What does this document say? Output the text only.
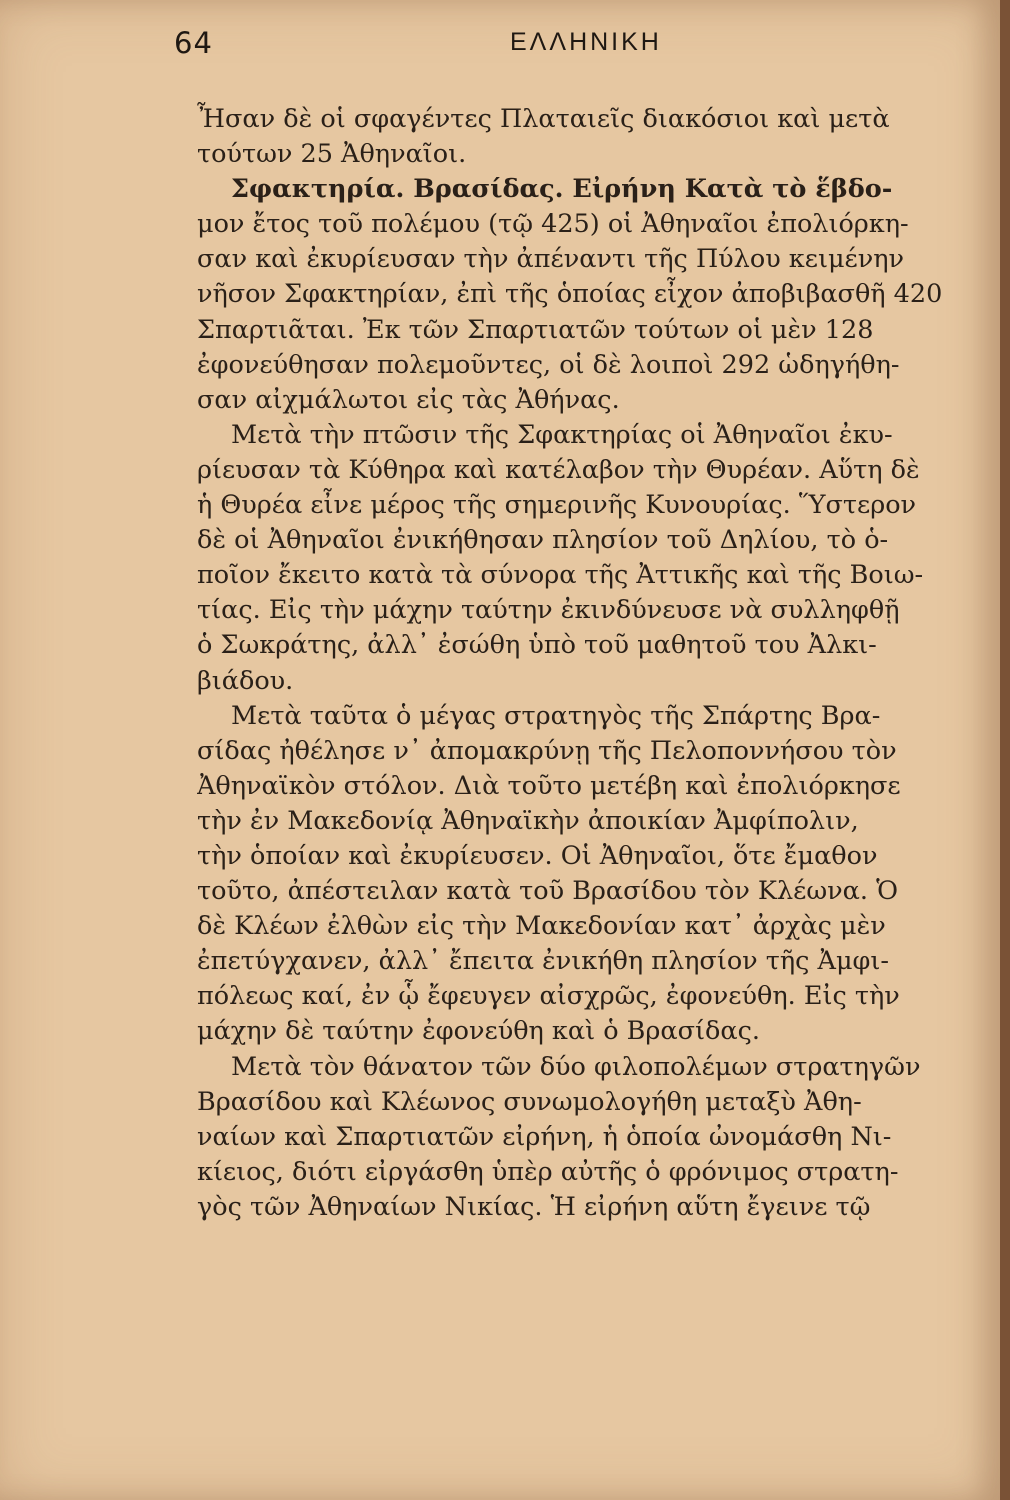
64	ΕΛΛΗΝΙΚΗ
Ἦσαν δὲ οἱ σφαγέντες Πλαταιεῖς διακόσιοι καὶ μετὰ
τούτων 25 Ἀθηναῖοι.
Σφακτηρία. Βρασίδας. Εἰρήνη Κατὰ τὸ ἕβδο-
μον ἔτος τοῦ πολέμου (τῷ 425) οἱ Ἀθηναῖοι ἐπολιόρκη-
σαν καὶ ἐκυρίευσαν τὴν ἀπέναντι τῆς Πύλου κειμένην
νῆσον Σφακτηρίαν, ἐπὶ τῆς ὁποίας εἶχον ἀποβιβασθῆ 420
Σπαρτιᾶται. Ἐκ τῶν Σπαρτιατῶν τούτων οἱ μὲν 128
ἐφονεύθησαν πολεμοῦντες, οἱ δὲ λοιποὶ 292 ὡδηγήθη-
σαν αἰχμάλωτοι εἰς τὰς Ἀθήνας.
Μετὰ τὴν πτῶσιν τῆς Σφακτηρίας οἱ Ἀθηναῖοι ἐκυ-
ρίευσαν τὰ Κύθηρα καὶ κατέλαβον τὴν Θυρέαν. Αὕτη δὲ
ἡ Θυρέα εἶνε μέρος τῆς σημερινῆς Κυνουρίας. Ὕστερον
δὲ οἱ Ἀθηναῖοι ἐνικήθησαν πλησίον τοῦ Δηλίου, τὸ ὁ-
ποῖον ἔκειτο κατὰ τὰ σύνορα τῆς Ἀττικῆς καὶ τῆς Βοιω-
τίας. Εἰς τὴν μάχην ταύτην ἐκινδύνευσε νὰ συλληφθῇ
ὁ Σωκράτης, ἀλλ᾽ ἐσώθη ὑπὸ τοῦ μαθητοῦ του Ἀλκι-
βιάδου.
Μετὰ ταῦτα ὁ μέγας στρατηγὸς τῆς Σπάρτης Βρα-
σίδας ἠθέλησε ν᾽ ἀπομακρύνῃ τῆς Πελοποννήσου τὸν
Ἀθηναϊκὸν στόλον. Διὰ τοῦτο μετέβη καὶ ἐπολιόρκησε
τὴν ἐν Μακεδονίᾳ Ἀθηναϊκὴν ἀποικίαν Ἀμφίπολιν,
τὴν ὁποίαν καὶ ἐκυρίευσεν. Οἱ Ἀθηναῖοι, ὅτε ἔμαθον
τοῦτο, ἀπέστειλαν κατὰ τοῦ Βρασίδου τὸν Κλέωνα. Ὁ
δὲ Κλέων ἐλθὼν εἰς τὴν Μακεδονίαν κατ᾽ ἀρχὰς μὲν
ἐπετύγχανεν, ἀλλ᾽ ἔπειτα ἐνικήθη πλησίον τῆς Ἀμφι-
πόλεως καί, ἐν ᾧ ἔφευγεν αἰσχρῶς, ἐφονεύθη. Εἰς τὴν
μάχην δὲ ταύτην ἐφονεύθη καὶ ὁ Βρασίδας.
Μετὰ τὸν θάνατον τῶν δύο φιλοπολέμων στρατηγῶν
Βρασίδου καὶ Κλέωνος συνωμολογήθη μεταξὺ Ἀθη-
ναίων καὶ Σπαρτιατῶν εἰρήνη, ἡ ὁποία ὠνομάσθη Νι-
κίειος, διότι εἰργάσθη ὑπὲρ αὐτῆς ὁ φρόνιμος στρατη-
γὸς τῶν Ἀθηναίων Νικίας. Ἡ εἰρήνη αὕτη ἔγεινε τῷ
